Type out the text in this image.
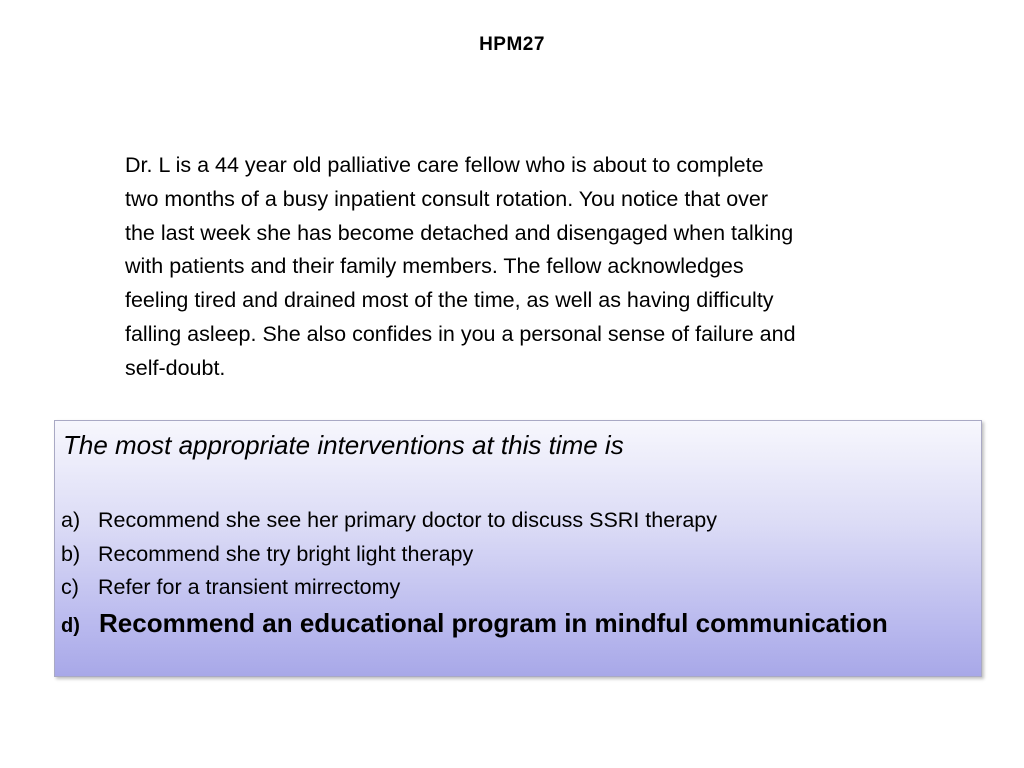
HPM27
Dr. L is a 44 year old palliative care fellow who is about to complete
two months of a busy inpatient consult rotation. You notice that over
the last week she has become detached and disengaged when talking
with patients and their family members. The fellow acknowledges
feeling tired and drained most of the time, as well as having difficulty
falling asleep. She also confides in you a personal sense of failure and
self-doubt.
The most appropriate interventions at this time is
a) Recommend she see her primary doctor to discuss SSRI therapy
b) Recommend she try bright light therapy
c) Refer for a transient mirrectomy
d) Recommend an educational program in mindful communication
